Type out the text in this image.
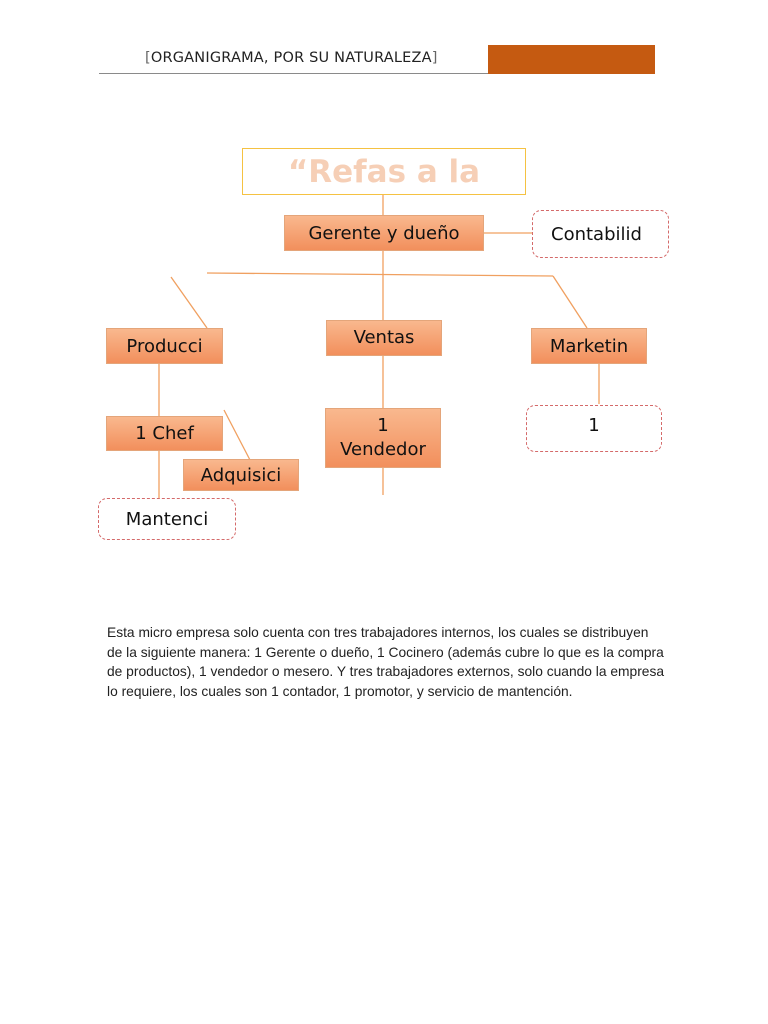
[ORGANIGRAMA, POR SU NATURALEZA]
“Refas a la
Gerente y dueño	Contabilid
Producci	Ventas	Marketin
1 Chef	1
Vendedor
1
Adquisici
Mantenci
Esta micro empresa solo cuenta con tres trabajadores internos, los cuales se distribuyen de la siguiente manera: 1 Gerente o dueño, 1 Cocinero (además cubre lo que es la compra de productos), 1 vendedor o mesero. Y tres trabajadores externos, solo cuando la empresa lo requiere, los cuales son 1 contador, 1 promotor, y servicio de mantención.
